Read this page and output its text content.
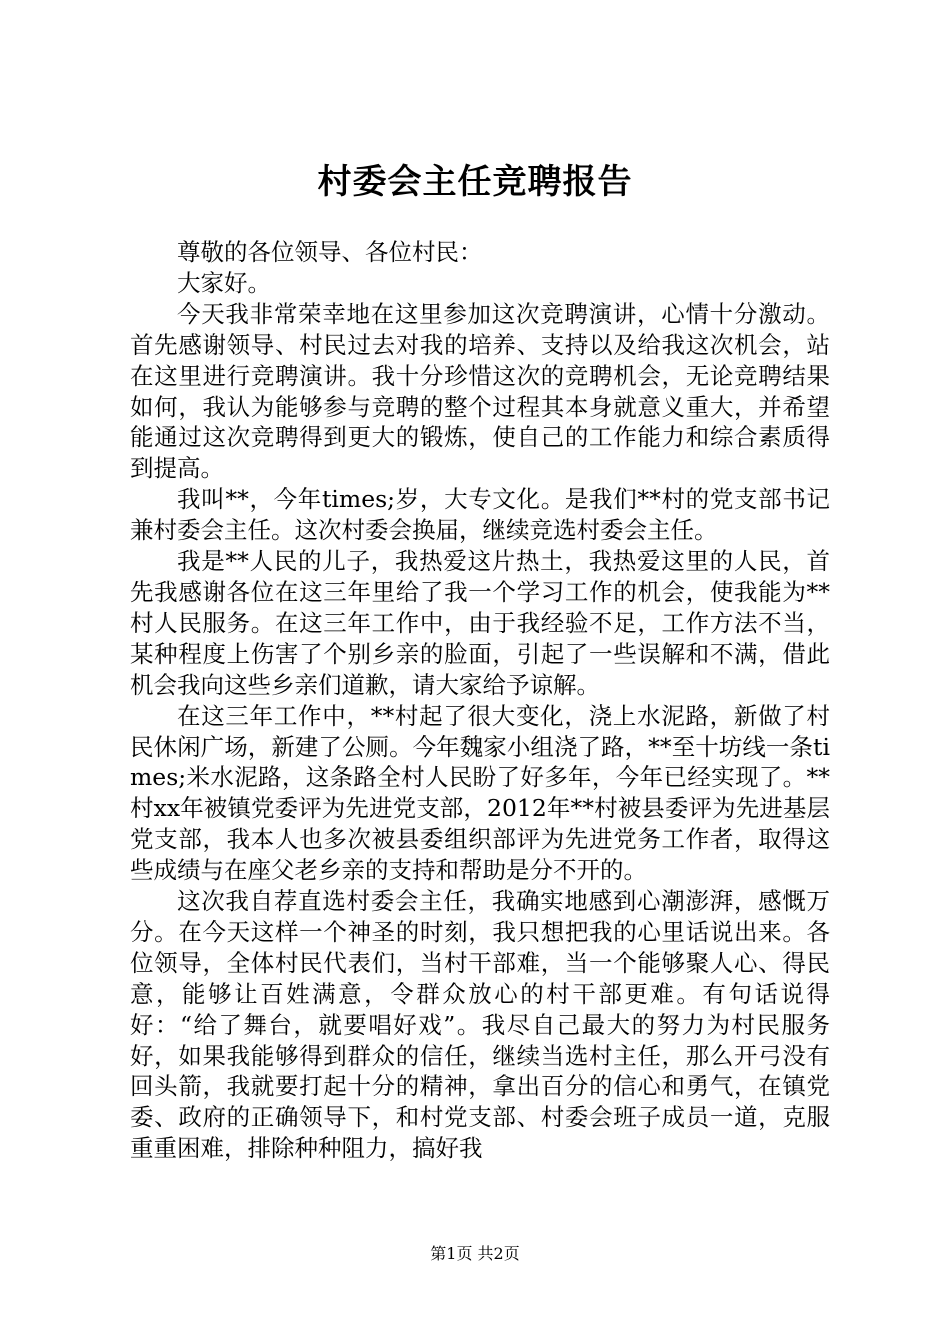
村委会主任竞聘报告

尊敬的各位领导、各位村民：

大家好。

今天我非常荣幸地在这里参加这次竞聘演讲，心情十分激动。首先感谢领导、村民过去对我的培养、支持以及给我这次机会，站在这里进行竞聘演讲。我十分珍惜这次的竞聘机会，无论竞聘结果如何，我认为能够参与竞聘的整个过程其本身就意义重大，并希望能通过这次竞聘得到更大的锻炼，使自己的工作能力和综合素质得到提高。

我叫**，今年times;岁，大专文化。是我们**村的党支部书记兼村委会主任。这次村委会换届，继续竞选村委会主任。

我是**人民的儿子，我热爱这片热土，我热爱这里的人民，首先我感谢各位在这三年里给了我一个学习工作的机会，使我能为**村人民服务。在这三年工作中，由于我经验不足，工作方法不当，某种程度上伤害了个别乡亲的脸面，引起了一些误解和不满，借此机会我向这些乡亲们道歉，请大家给予谅解。

在这三年工作中，**村起了很大变化，浇上水泥路，新做了村民休闲广场，新建了公厕。今年魏家小组浇了路，**至十坊线一条times;米水泥路，这条路全村人民盼了好多年，今年已经实现了。**村xx年被镇党委评为先进党支部，2012年**村被县委评为先进基层党支部，我本人也多次被县委组织部评为先进党务工作者，取得这些成绩与在座父老乡亲的支持和帮助是分不开的。

这次我自荐直选村委会主任，我确实地感到心潮澎湃，感慨万分。在今天这样一个神圣的时刻，我只想把我的心里话说出来。各位领导，全体村民代表们，当村干部难，当一个能够聚人心、得民意，能够让百姓满意，令群众放心的村干部更难。有句话说得好：“给了舞台，就要唱好戏”。我尽自己最大的努力为村民服务好，如果我能够得到群众的信任，继续当选村主任，那么开弓没有回头箭，我就要打起十分的精神，拿出百分的信心和勇气，在镇党委、政府的正确领导下，和村党支部、村委会班子成员一道，克服重重困难，排除种种阻力，搞好我

第1页 共2页
